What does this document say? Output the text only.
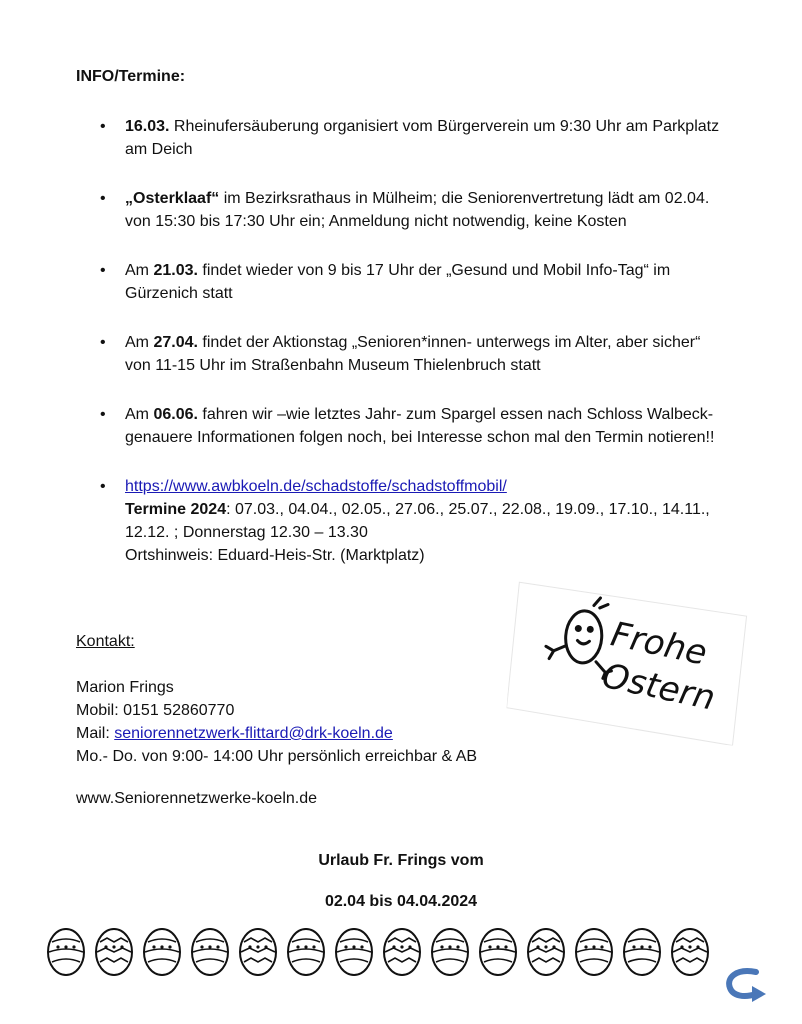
INFO/Termine:
• 16.03. Rheinufersäuberung organisiert vom Bürgerverein um 9:30 Uhr am Parkplatz am Deich
• „Osterklaaf“ im Bezirksrathaus in Mülheim; die Seniorenvertretung lädt am 02.04. von 15:30 bis 17:30 Uhr ein; Anmeldung nicht notwendig, keine Kosten
• Am 21.03. findet wieder von 9 bis 17 Uhr der „Gesund und Mobil Info-Tag“ im Gürzenich statt
• Am 27.04. findet der Aktionstag „Senioren*innen- unterwegs im Alter, aber sicher“ von 11-15 Uhr im Straßenbahn Museum Thielenbruch statt
• Am 06.06. fahren wir –wie letztes Jahr- zum Spargel essen nach Schloss Walbeck- genauere Informationen folgen noch, bei Interesse schon mal den Termin notieren!!
• https://www.awbkoeln.de/schadstoffe/schadstoffmobil/
Termine 2024: 07.03., 04.04., 02.05., 27.06., 25.07., 22.08., 19.09., 17.10., 14.11., 12.12. ; Donnerstag 12.30 – 13.30
Ortshinweis: Eduard-Heis-Str. (Marktplatz)
Frohe
Ostern
Kontakt:
Marion Frings
Mobil: 0151 52860770
Mail: seniorennetzwerk-flittard@drk-koeln.de
Mo.- Do. von 9:00- 14:00 Uhr persönlich erreichbar & AB
www.Seniorennetzwerke-koeln.de
Urlaub Fr. Frings vom
02.04 bis 04.04.2024
